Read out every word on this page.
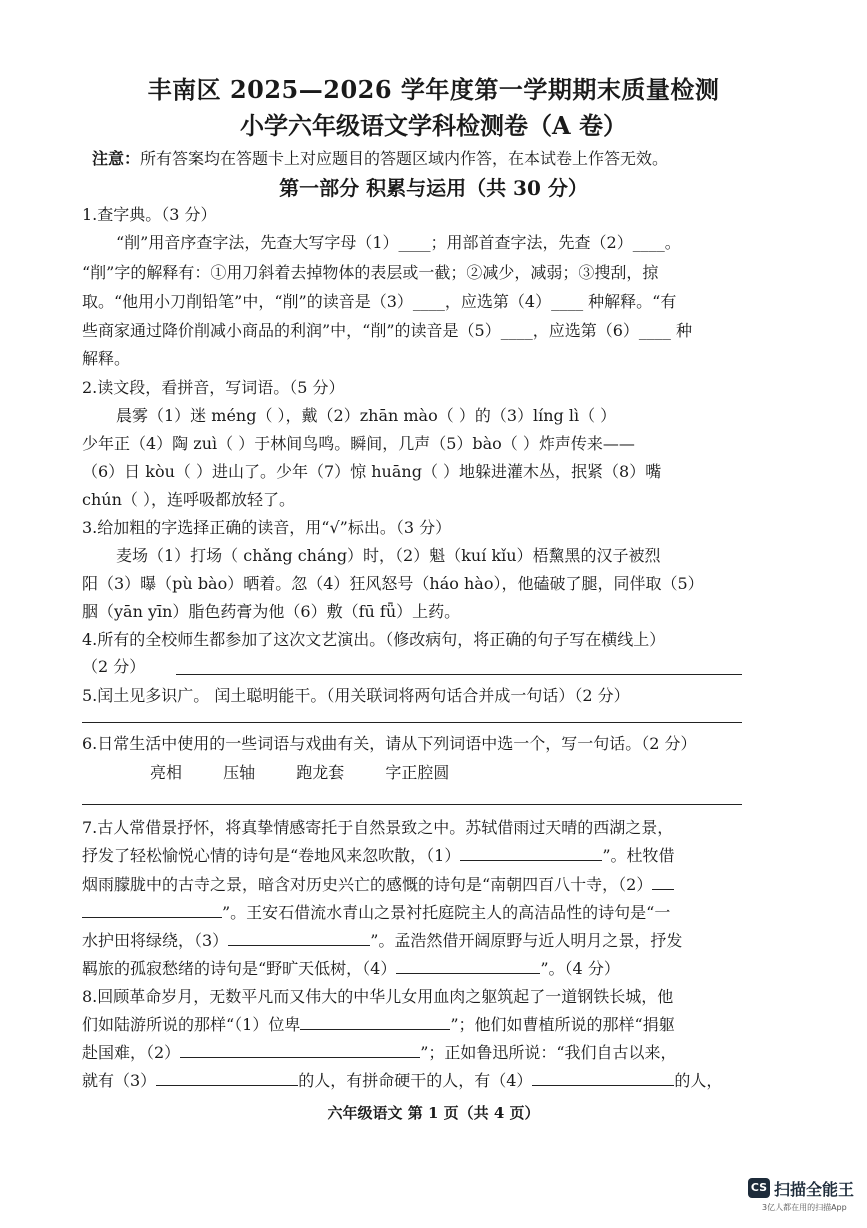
丰南区 2025—2026 学年度第一学期期末质量检测
小学六年级语文学科检测卷（A 卷）
注意：所有答案均在答题卡上对应题目的答题区域内作答，在本试卷上作答无效。
第一部分 积累与运用（共 30 分）
1.查字典。（3 分）
“削”用音序查字法，先查大写字母（1）____；用部首查字法，先查（2）____。
“削”字的解释有：①用刀斜着去掉物体的表层或一截；②减少，减弱；③搜刮，掠
取。“他用小刀削铅笔”中，“削”的读音是（3）____，应选第（4）____ 种解释。“有
些商家通过降价削减小商品的利润”中，“削”的读音是（5）____，应选第（6）____ 种
解释。
2.读文段，看拼音，写词语。（5 分）
晨雾（1）迷 méng（ ），戴（2）zhān mào（ ）的（3）líng lì（ ）
少年正（4）陶 zuì（ ）于林间鸟鸣。瞬间，几声（5）bào（ ）炸声传来——
（6）日 kòu（ ）进山了。少年（7）惊 huāng（ ）地躲进灌木丛，抿紧（8）嘴
chún（ ），连呼吸都放轻了。
3.给加粗的字选择正确的读音，用“√”标出。（3 分）
麦场（1）打场（ chǎng cháng）时，（2）魁（kuí kǐu）梧黧黑的汉子被烈
阳（3）曝（pù bào）晒着。忽（4）狂风怒号（háo hào），他磕破了腿，同伴取（5）
胭（yān yīn）脂色药膏为他（6）敷（fū fǖ）上药。
4.所有的全校师生都参加了这次文艺演出。（修改病句，将正确的句子写在横线上）
（2 分）
5.闰土见多识广。 闰土聪明能干。（用关联词将两句话合并成一句话）（2 分）
6.日常生活中使用的一些词语与戏曲有关，请从下列词语中选一个，写一句话。（2 分）
亮相	压轴	跑龙套	字正腔圆
7.古人常借景抒怀，将真挚情感寄托于自然景致之中。苏轼借雨过天晴的西湖之景，
抒发了轻松愉悦心情的诗句是“卷地风来忽吹散，（1）	”。杜牧借
烟雨朦胧中的古寺之景，暗含对历史兴亡的感慨的诗句是“南朝四百八十寺，（2）
”。王安石借流水青山之景衬托庭院主人的高洁品性的诗句是“一
水护田将绿绕，（3）	”。孟浩然借开阔原野与近人明月之景，抒发
羁旅的孤寂愁绪的诗句是“野旷天低树，（4）	”。（4 分）
8.回顾革命岁月，无数平凡而又伟大的中华儿女用血肉之躯筑起了一道钢铁长城，他
们如陆游所说的那样“（1）位卑	”；他们如曹植所说的那样“捐躯
赴国难，（2）	”；正如鲁迅所说：“我们自古以来，
就有（3）	的人，有拼命硬干的人，有（4）	的人，
六年级语文 第 1 页（共 4 页）
CS 扫描全能王
3亿人都在用的扫描App
